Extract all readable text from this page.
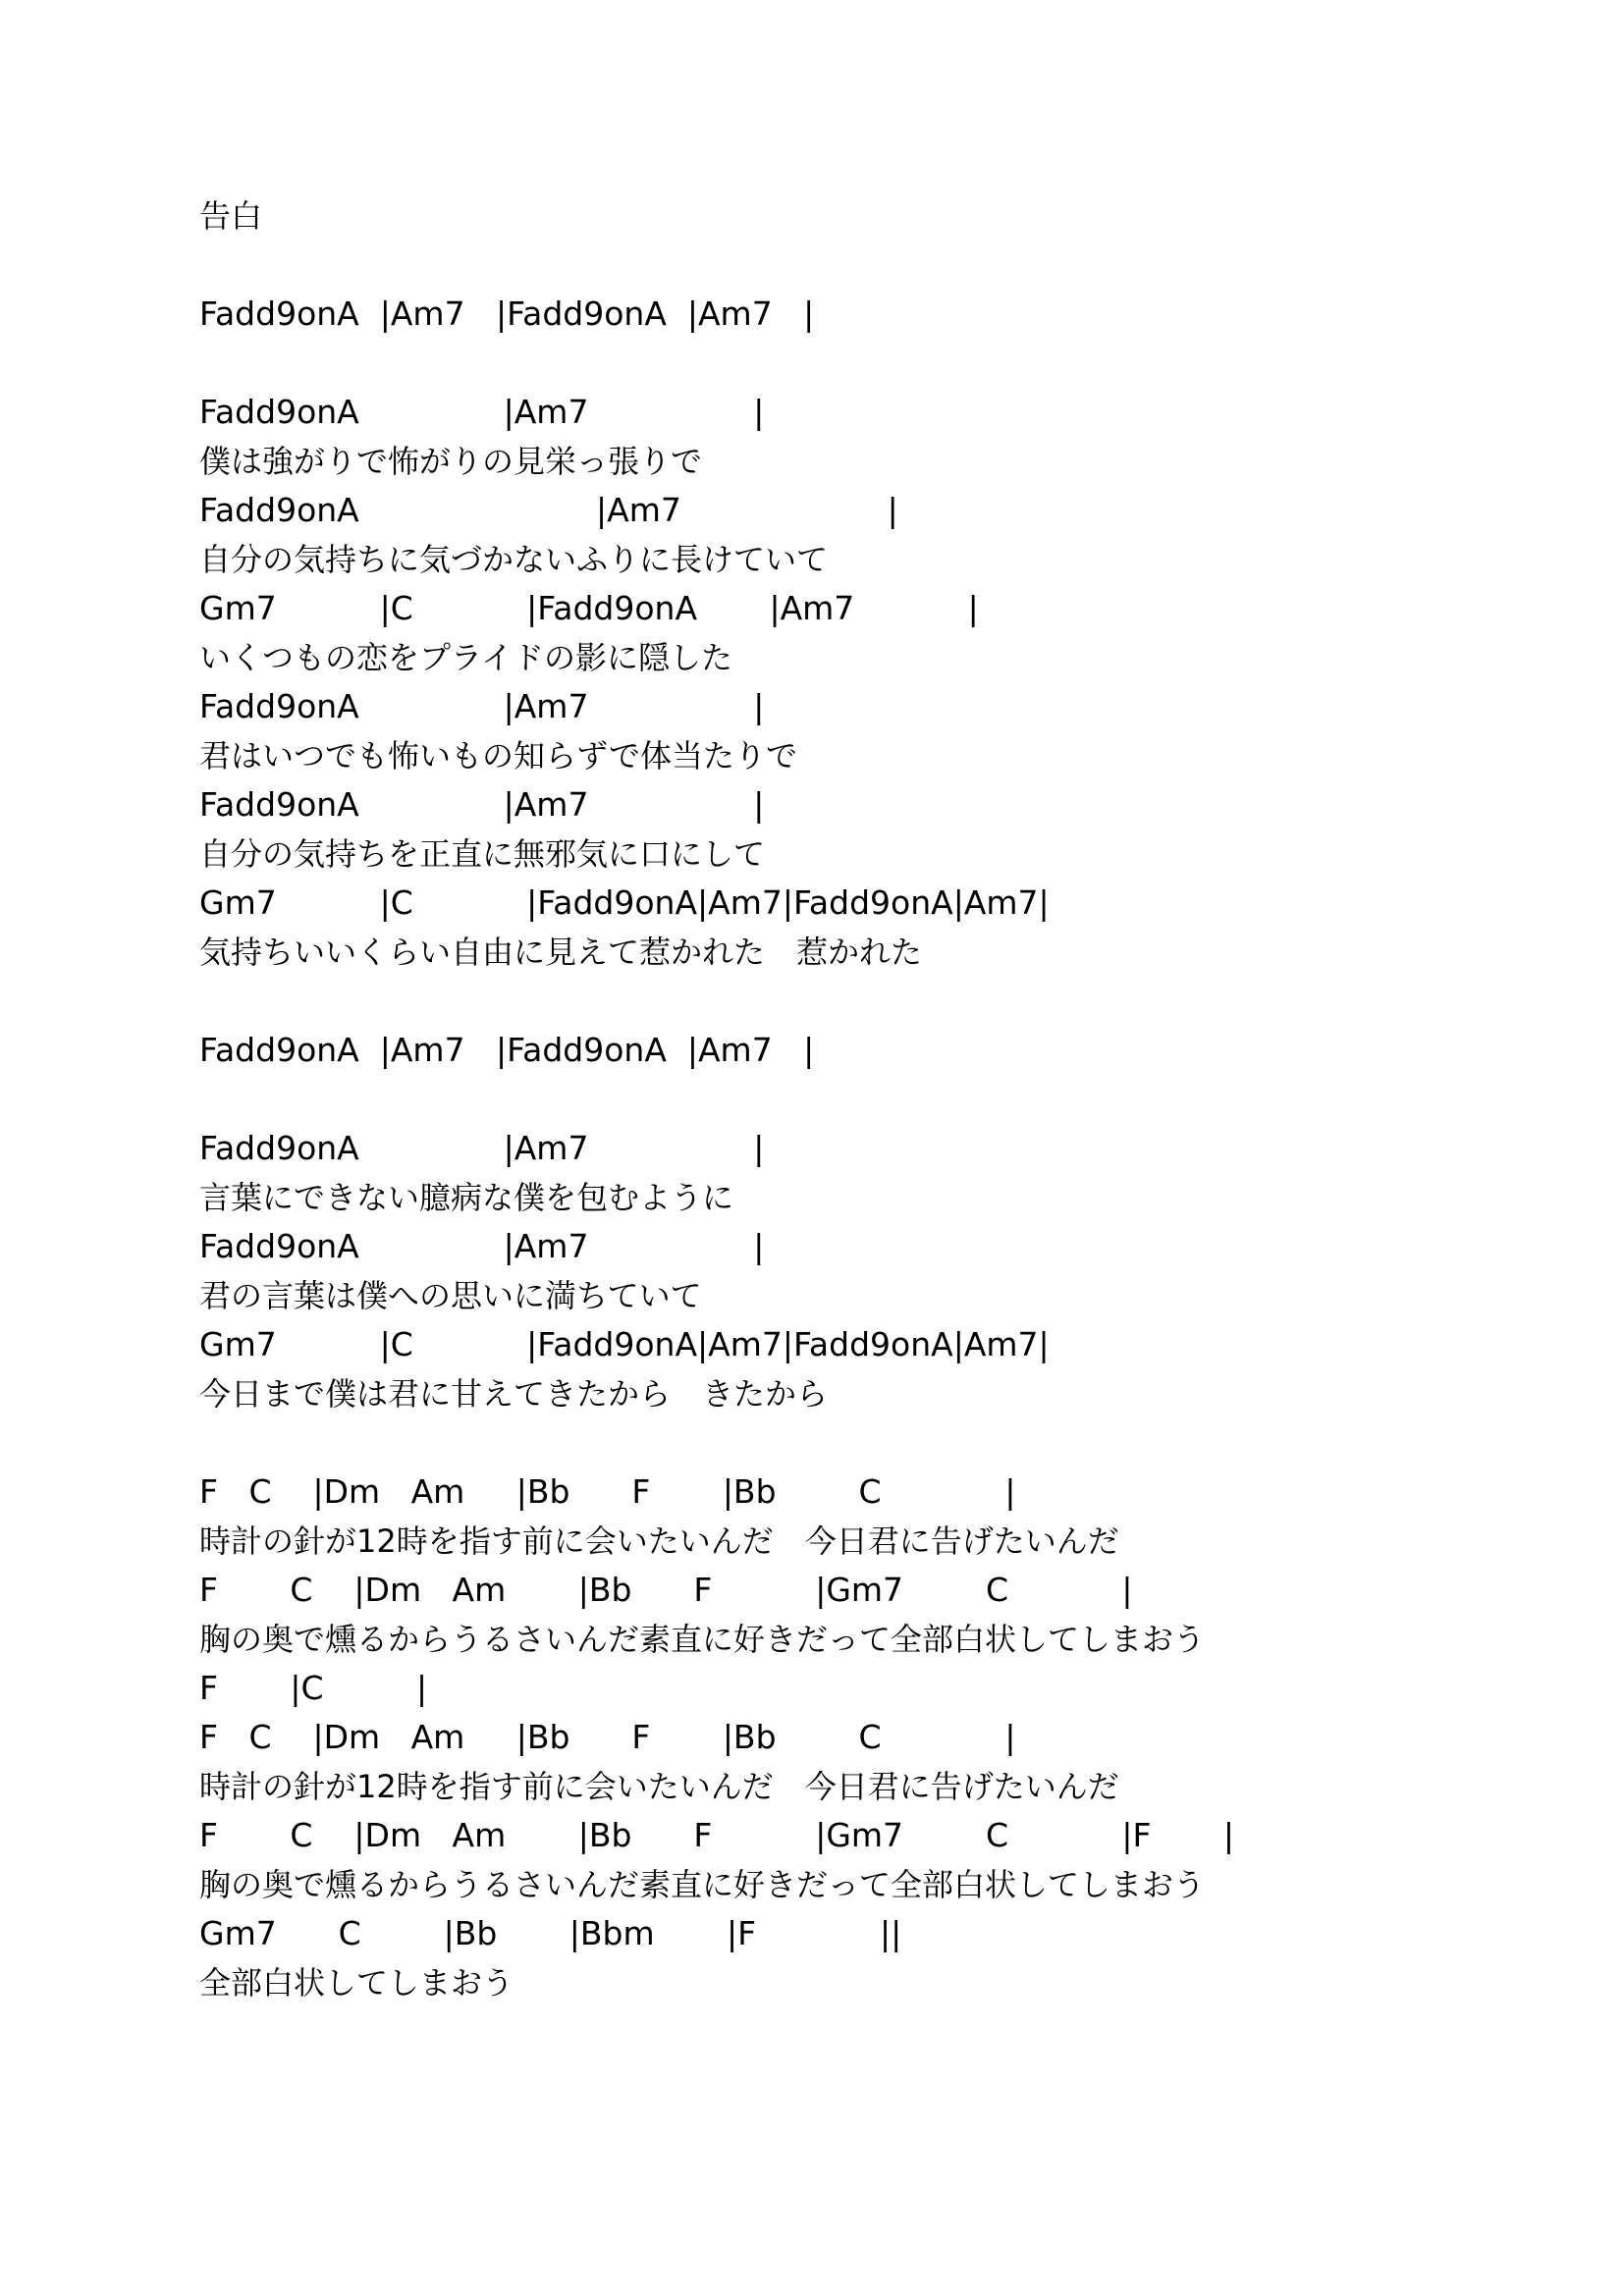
告白
Fadd9onA  |Am7   |Fadd9onA  |Am7   |
Fadd9onA              |Am7                |
僕は強がりで怖がりの見栄っ張りで
Fadd9onA                       |Am7                    |
自分の気持ちに気づかないふりに長けていて
Gm7          |C           |Fadd9onA       |Am7           |
いくつもの恋をプライドの影に隠した
Fadd9onA              |Am7                |
君はいつでも怖いもの知らずで体当たりで
Fadd9onA              |Am7                |
自分の気持ちを正直に無邪気に口にして
Gm7          |C           |Fadd9onA|Am7|Fadd9onA|Am7|
気持ちいいくらい自由に見えて惹かれた　惹かれた
Fadd9onA  |Am7   |Fadd9onA  |Am7   |
Fadd9onA              |Am7                |
言葉にできない臆病な僕を包むように
Fadd9onA              |Am7                |
君の言葉は僕への思いに満ちていて
Gm7          |C           |Fadd9onA|Am7|Fadd9onA|Am7|
今日まで僕は君に甘えてきたから　きたから
F   C    |Dm   Am     |Bb      F       |Bb        C            |
時計の針が12時を指す前に会いたいんだ　今日君に告げたいんだ
F       C    |Dm   Am       |Bb      F          |Gm7        C           |
胸の奥で燻るからうるさいんだ素直に好きだって全部白状してしまおう
F       |C         |
F   C    |Dm   Am     |Bb      F       |Bb        C            |
時計の針が12時を指す前に会いたいんだ　今日君に告げたいんだ
F       C    |Dm   Am       |Bb      F          |Gm7        C           |F       |
胸の奥で燻るからうるさいんだ素直に好きだって全部白状してしまおう
Gm7      C        |Bb       |Bbm       |F            ||
全部白状してしまおう
